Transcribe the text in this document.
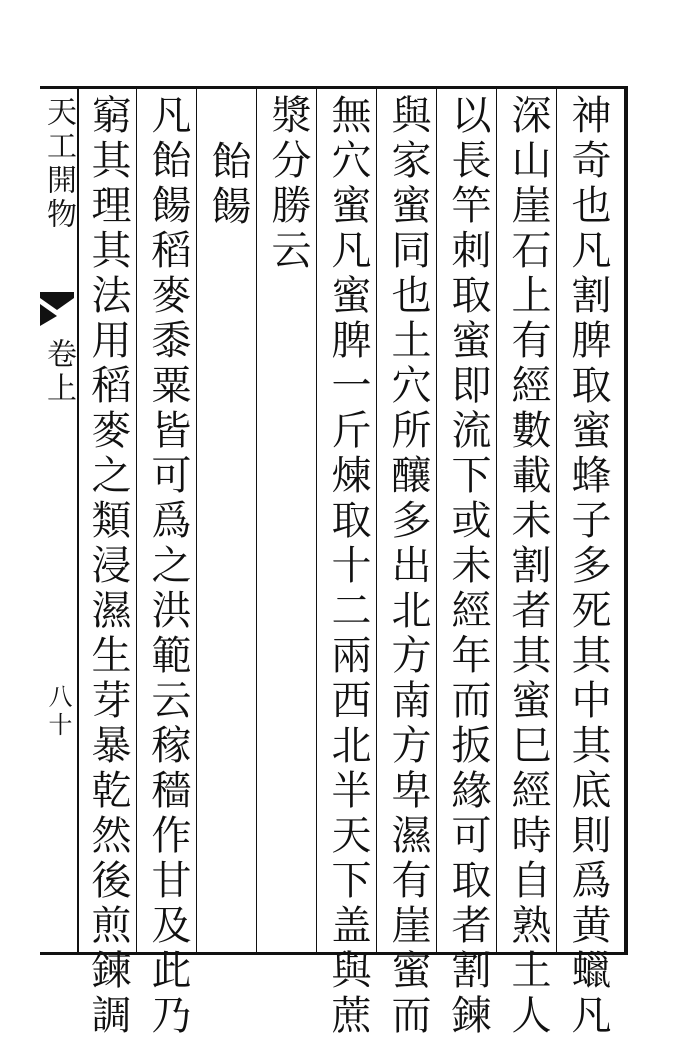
天工開物
卷上
八十	神奇也凡割脾取蜜蜂子多死其中其底則爲黄蠟凡
深山崖石上有經數載未割者其蜜巳經時自熟土人
以長竿刺取蜜即流下或未經年而扳緣可取者割鍊
與家蜜同也土穴所釀多出北方南方卑濕有崖蜜而
無穴蜜凡蜜脾一斤煉取十二兩西北半天下盖與蔗
漿分勝云
飴餳
凡飴餳稻麥黍粟皆可爲之洪範云稼穡作甘及此乃
窮其理其法用稻麥之類浸濕生芽暴乾然後煎鍊調
